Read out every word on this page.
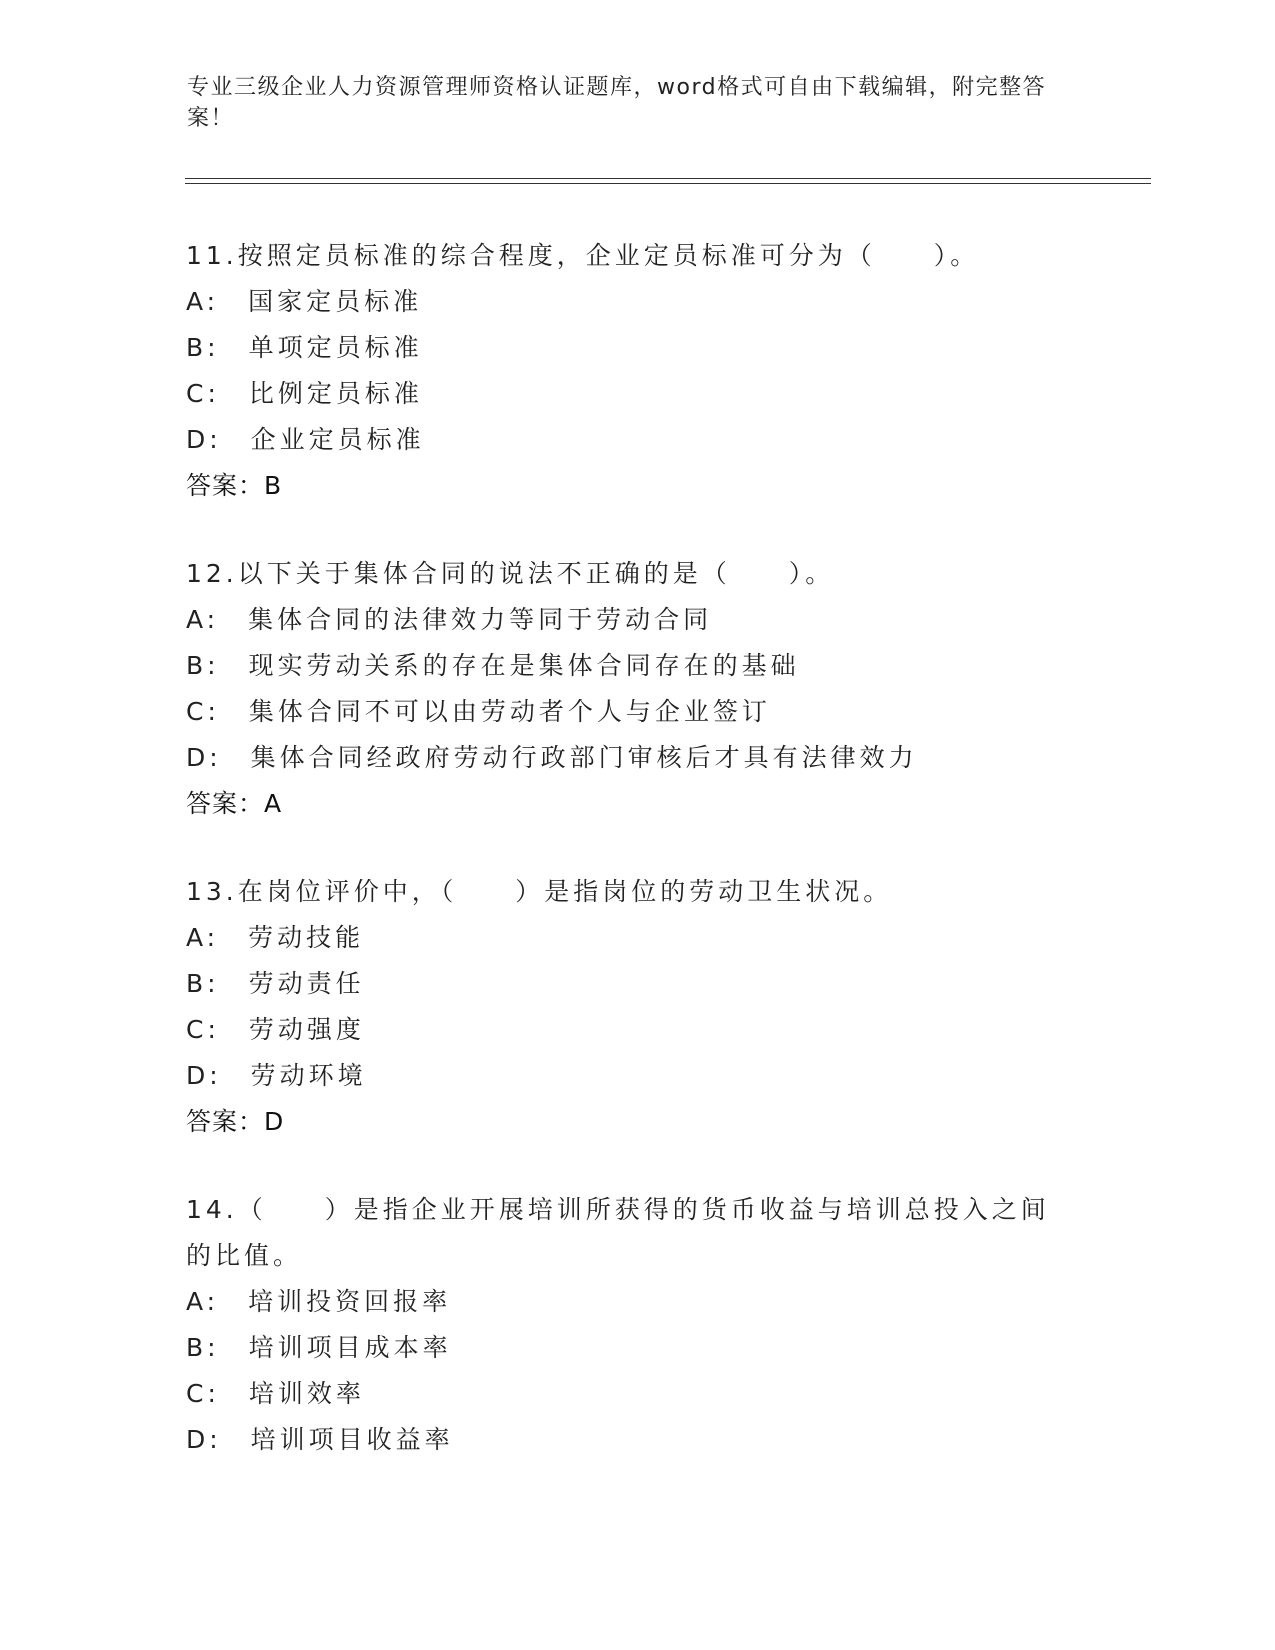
专业三级企业人力资源管理师资格认证题库，word格式可自由下载编辑，附完整答案！
11.按照定员标准的综合程度，企业定员标准可分为（　　）。
A:　国家定员标准
B:　单项定员标准
C:　比例定员标准
D:　企业定员标准
答案：B
12.以下关于集体合同的说法不正确的是（　　）。
A:　集体合同的法律效力等同于劳动合同
B:　现实劳动关系的存在是集体合同存在的基础
C:　集体合同不可以由劳动者个人与企业签订
D:　集体合同经政府劳动行政部门审核后才具有法律效力
答案：A
13.在岗位评价中，（　　）是指岗位的劳动卫生状况。
A:　劳动技能
B:　劳动责任
C:　劳动强度
D:　劳动环境
答案：D
14.（　　）是指企业开展培训所获得的货币收益与培训总投入之间的比值。
A:　培训投资回报率
B:　培训项目成本率
C:　培训效率
D:　培训项目收益率
